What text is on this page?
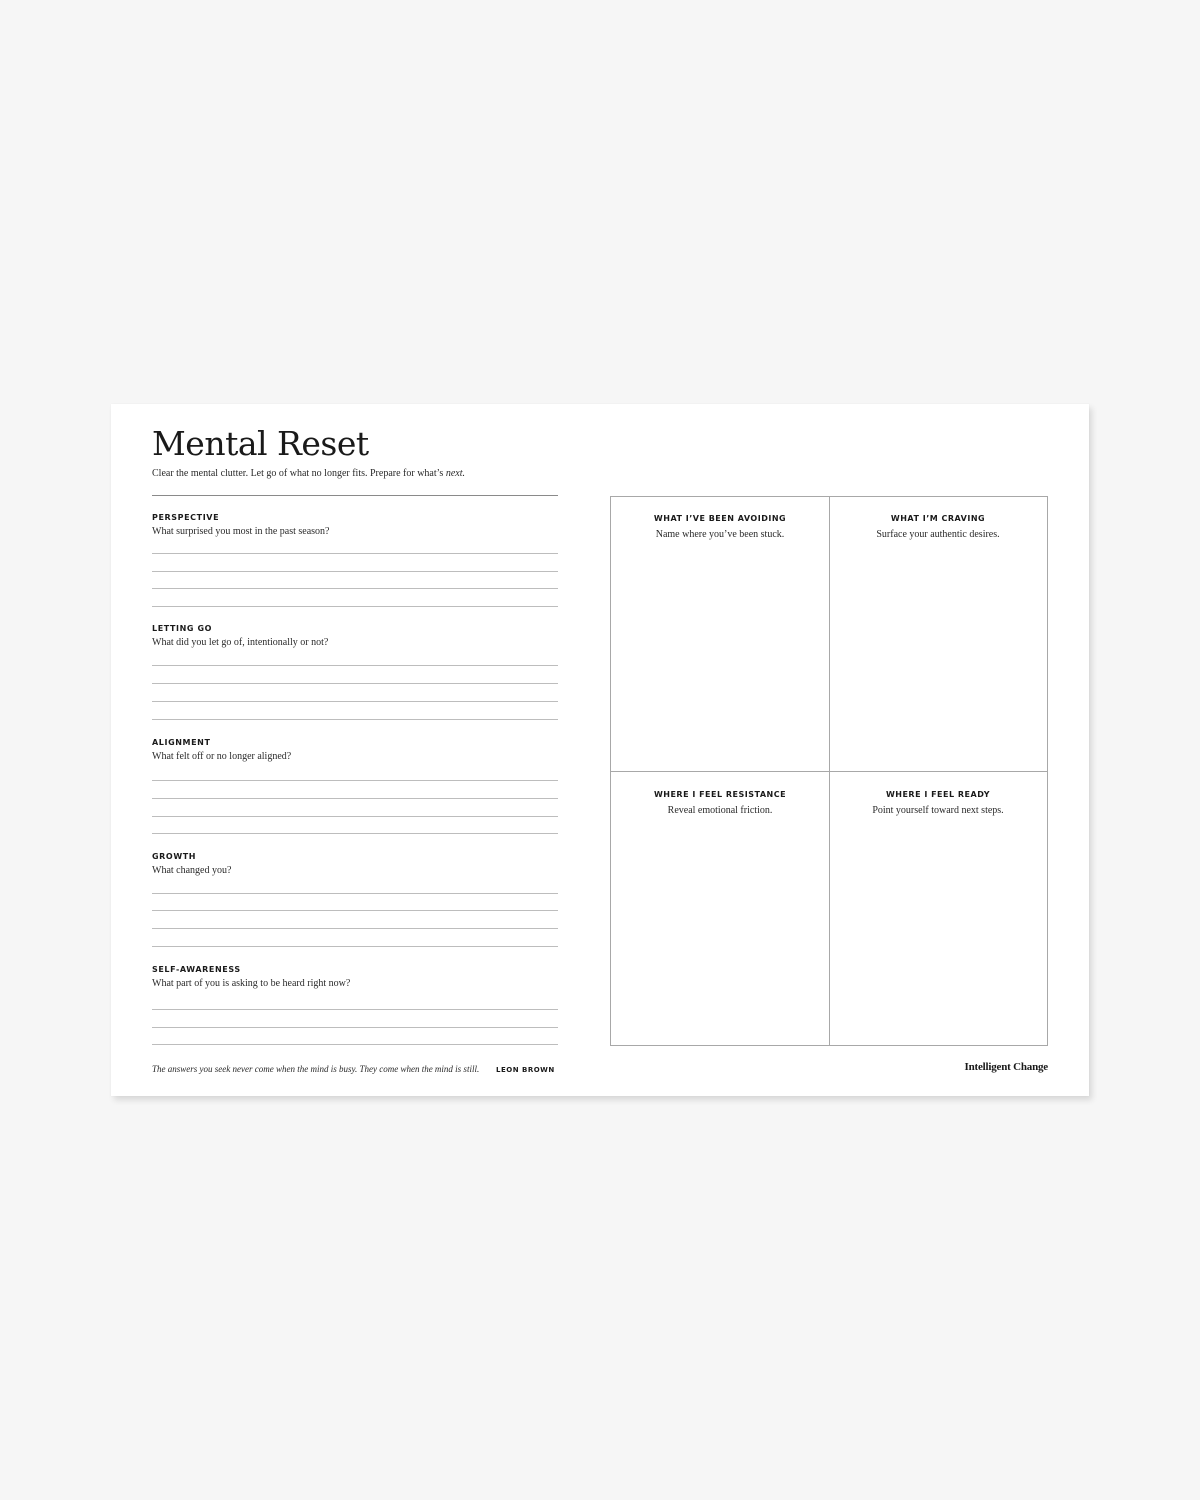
Mental Reset
Clear the mental clutter. Let go of what no longer fits. Prepare for what’s next.
PERSPECTIVE
What surprised you most in the past season?
LETTING GO
What did you let go of, intentionally or not?
ALIGNMENT
What felt off or no longer aligned?
GROWTH
What changed you?
SELF-AWARENESS
What part of you is asking to be heard right now?
WHAT I’VE BEEN AVOIDING
Name where you’ve been stuck.
WHAT I’M CRAVING
Surface your authentic desires.
WHERE I FEEL RESISTANCE
Reveal emotional friction.
WHERE I FEEL READY
Point yourself toward next steps.
The answers you seek never come when the mind is busy. They come when the mind is still. LEON BROWN	Intelligent Change
